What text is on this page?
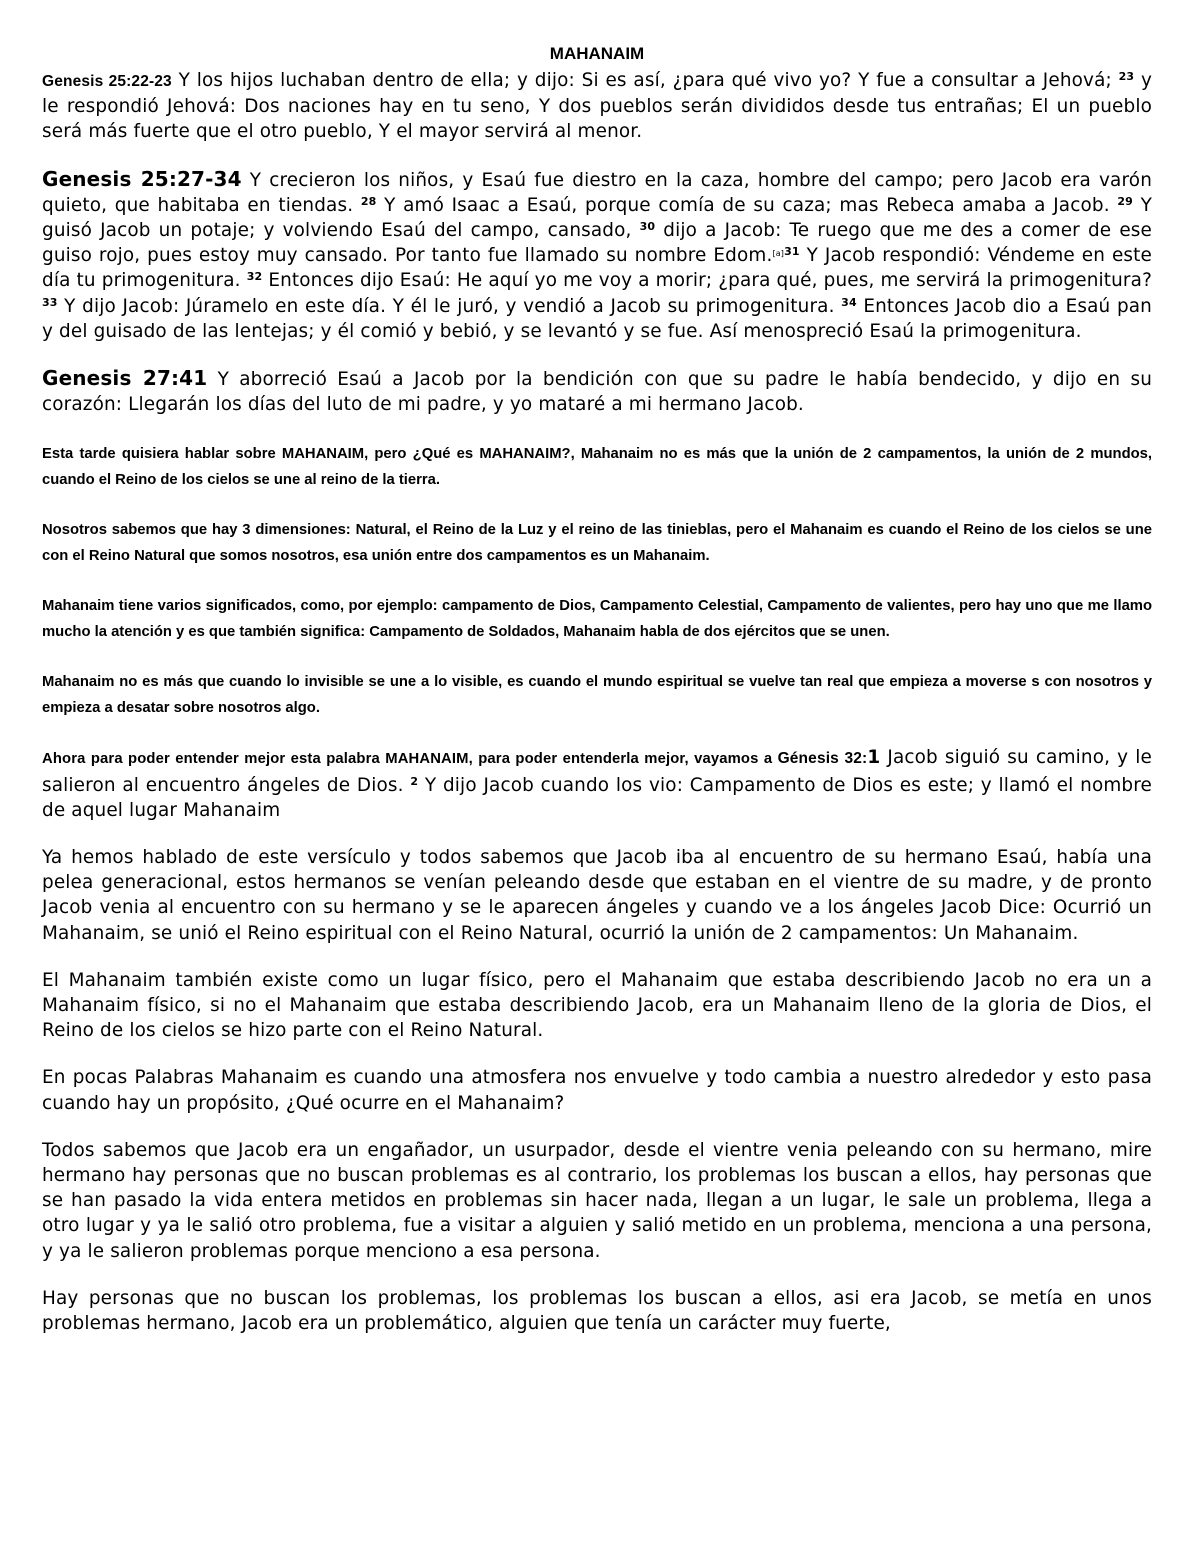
MAHANAIM

Genesis 25:22-23 Y los hijos luchaban dentro de ella; y dijo: Si es así, ¿para qué vivo yo? Y fue a consultar a Jehová; $^{23}$ y le respondió Jehová: Dos naciones hay en tu seno, Y dos pueblos serán divididos desde tus entrañas; El un pueblo será más fuerte que el otro pueblo, Y el mayor servirá al menor.

Genesis 25:27-34 Y crecieron los niños, y Esaú fue diestro en la caza, hombre del campo; pero Jacob era varón quieto, que habitaba en tiendas. $^{28}$ Y amó Isaac a Esaú, porque comía de su caza; mas Rebeca amaba a Jacob. $^{29}$ Y guisó Jacob un potaje; y volviendo Esaú del campo, cansado, $^{30}$ dijo a Jacob: Te ruego que me des a comer de ese guiso rojo, pues estoy muy cansado. Por tanto fue llamado su nombre Edom.$^{[a]31}$ Y Jacob respondió: Véndeme en este día tu primogenitura. $^{32}$ Entonces dijo Esaú: He aquí yo me voy a morir; ¿para qué, pues, me servirá la primogenitura? $^{33}$ Y dijo Jacob: Júramelo en este día. Y él le juró, y vendió a Jacob su primogenitura. $^{34}$ Entonces Jacob dio a Esaú pan y del guisado de las lentejas; y él comió y bebió, y se levantó y se fue. Así menospreció Esaú la primogenitura.

Genesis 27:41 Y aborreció Esaú a Jacob por la bendición con que su padre le había bendecido, y dijo en su corazón: Llegarán los días del luto de mi padre, y yo mataré a mi hermano Jacob.

Esta tarde quisiera hablar sobre MAHANAIM, pero ¿Qué es MAHANAIM?, Mahanaim no es más que la unión de 2 campamentos, la unión de 2 mundos, cuando el Reino de los cielos se une al reino de la tierra.

Nosotros sabemos que hay 3 dimensiones: Natural, el Reino de la Luz y el reino de las tinieblas, pero el Mahanaim es cuando el Reino de los cielos se une con el Reino Natural que somos nosotros, esa unión entre dos campamentos es un Mahanaim.

Mahanaim tiene varios significados, como, por ejemplo: campamento de Dios, Campamento Celestial, Campamento de valientes, pero hay uno que me llamo mucho la atención y es que también significa: Campamento de Soldados, Mahanaim habla de dos ejércitos que se unen.

Mahanaim no es más que cuando lo invisible se une a lo visible, es cuando el mundo espiritual se vuelve tan real que empieza a moverse s con nosotros y empieza a desatar sobre nosotros algo.

Ahora para poder entender mejor esta palabra MAHANAIM, para poder entenderla mejor, vayamos a Génesis 32:1 Jacob siguió su camino, y le salieron al encuentro ángeles de Dios. $^2$ Y dijo Jacob cuando los vio: Campamento de Dios es este; y llamó el nombre de aquel lugar Mahanaim

Ya hemos hablado de este versículo y todos sabemos que Jacob iba al encuentro de su hermano Esaú, había una pelea generacional, estos hermanos se venían peleando desde que estaban en el vientre de su madre, y de pronto Jacob venia al encuentro con su hermano y se le aparecen ángeles y cuando ve a los ángeles Jacob Dice: Ocurrió un Mahanaim, se unió el Reino espiritual con el Reino Natural, ocurrió la unión de 2 campamentos: Un Mahanaim.

El Mahanaim también existe como un lugar físico, pero el Mahanaim que estaba describiendo Jacob no era un a Mahanaim físico, si no el Mahanaim que estaba describiendo Jacob, era un Mahanaim lleno de la gloria de Dios, el Reino de los cielos se hizo parte con el Reino Natural.

En pocas Palabras Mahanaim es cuando una atmosfera nos envuelve y todo cambia a nuestro alrededor y esto pasa cuando hay un propósito, ¿Qué ocurre en el Mahanaim?

Todos sabemos que Jacob era un engañador, un usurpador, desde el vientre venia peleando con su hermano, mire hermano hay personas que no buscan problemas es al contrario, los problemas los buscan a ellos, hay personas que se han pasado la vida entera metidos en problemas sin hacer nada, llegan a un lugar, le sale un problema, llega a otro lugar y ya le salió otro problema, fue a visitar a alguien y salió metido en un problema, menciona a una persona, y ya le salieron problemas porque menciono a esa persona.

Hay personas que no buscan los problemas, los problemas los buscan a ellos, asi era Jacob, se metía en unos problemas hermano, Jacob era un problemático, alguien que tenía un carácter muy fuerte,
